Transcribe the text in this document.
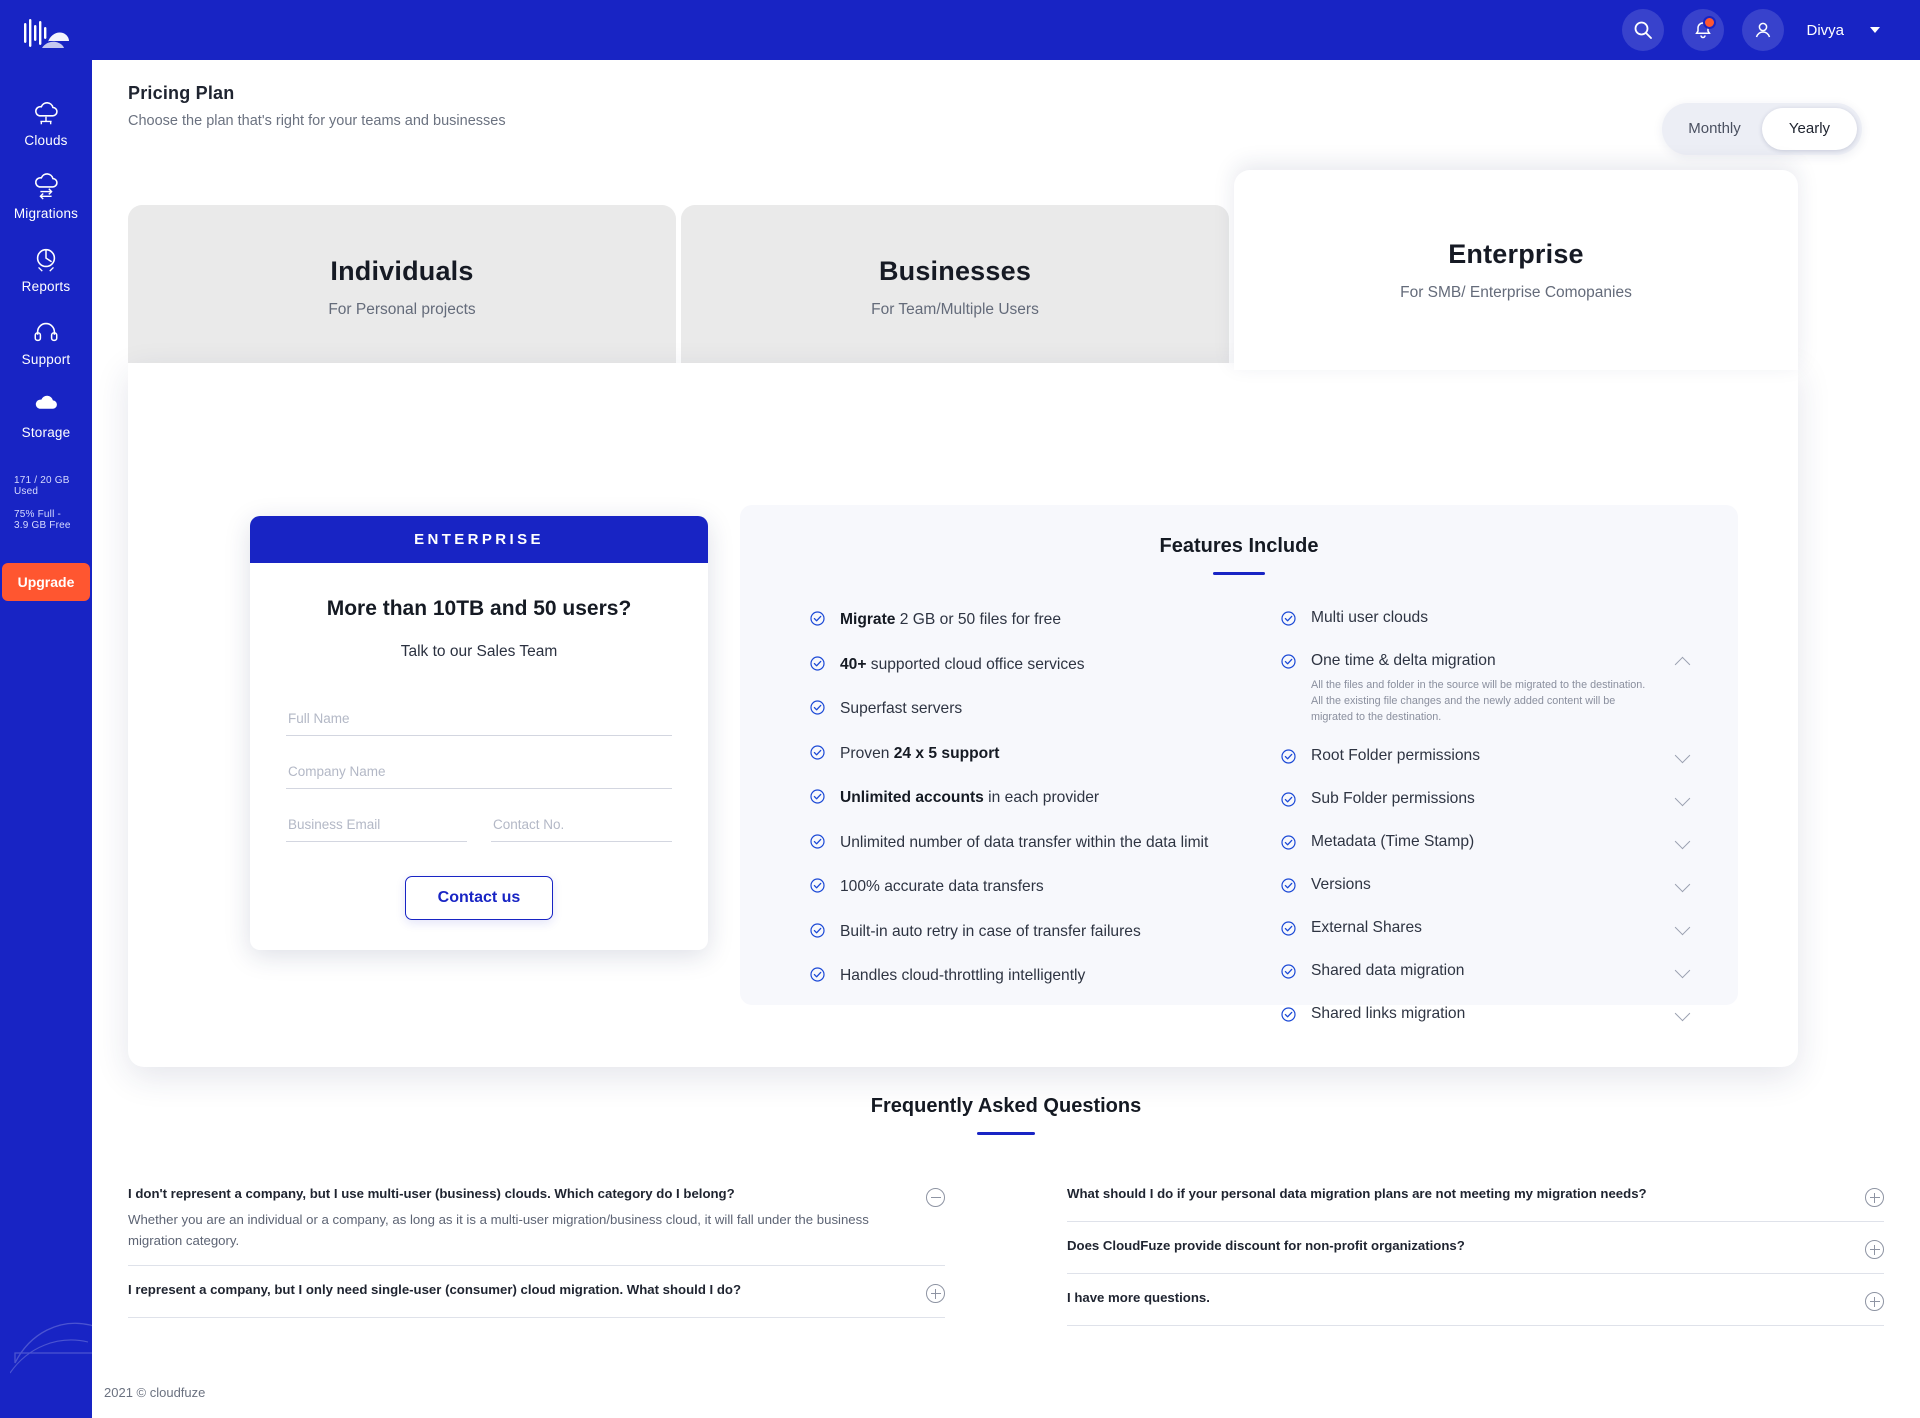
Clouds
Migrations
Reports
Support
Storage
171 / 20 GB Used
75% Full - 3.9 GB Free
Upgrade
Divya
Pricing Plan
Choose the plan that's right for your teams and businesses	Monthly	Yearly
Individuals
For Personal projects
Businesses
For Team/Multiple Users
Enterprise
For SMB/ Enterprise Comopanies
ENTERPRISE
More than 10TB and 50 users?
Talk to our Sales Team
Full Name Company Name
Business Email
Contact No.
Contact us
Features Include
Migrate 2 GB or 50 files for free
40+ supported cloud office services
Superfast servers
Proven 24 x 5 support
Unlimited accounts in each provider
Unlimited number of data transfer within the data limit
100% accurate data transfers
Built-in auto retry in case of transfer failures
Handles cloud-throttling intelligently
Multi user clouds
One time & delta migration
All the files and folder in the source will be migrated to the destination. All the existing file changes and the newly added content will be migrated to the destination.
Root Folder permissions
Sub Folder permissions
Metadata (Time Stamp)
Versions
External Shares
Shared data migration
Shared links migration
Frequently Asked Questions
I don't represent a company, but I use multi-user (business) clouds. Which category do I belong?
Whether you are an individual or a company, as long as it is a multi-user migration/business cloud, it will fall under the business migration category.
I represent a company, but I only need single-user (consumer) cloud migration. What should I do?
What should I do if your personal data migration plans are not meeting my migration needs?
Does CloudFuze provide discount for non-profit organizations?
I have more questions.
2021 © cloudfuze
